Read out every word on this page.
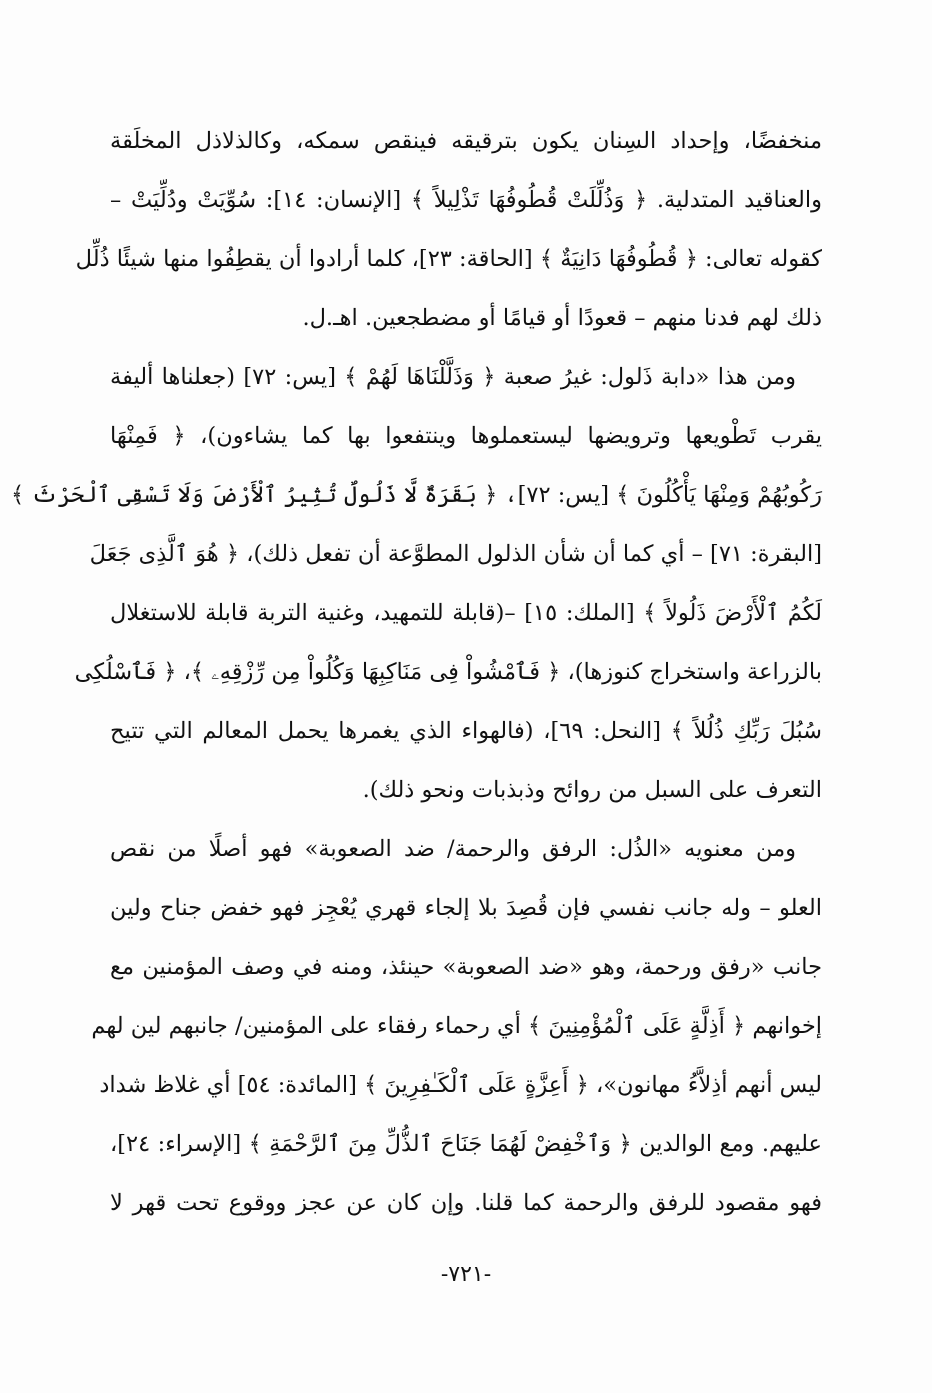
منخفضًا، وإحداد السِنان يكون بترقيقه فينقص سمكه، وكالذلاذل المخلَقة
والعناقيد المتدلية. ﴿ وَذُلِّلَتْ قُطُوفُهَا تَذْلِيلاً ﴾ [الإنسان: ١٤]: سُوِّيَتْ ودُلِّيَتْ –
كقوله تعالى: ﴿ قُطُوفُهَا دَانِيَةٌ ﴾ [الحاقة: ٢٣]، كلما أرادوا أن يقطِفُوا منها شيئًا ذُلِّل
ذلك لهم فدنا منهم – قعودًا أو قيامًا أو مضطجعين. اهـ.ل.
ومن هذا «دابة ذَلول: غيرُ صعبة ﴿ وَذَلَّلْنَاهَا لَهُمْ ﴾ [يس: ٧٢] (جعلناها أليفة
يقرب تَطْويعها وترويضها ليستعملوها وينتفعوا بها كما يشاءون)، ﴿ فَمِنْهَا
رَكُوبُهُمْ وَمِنْهَا يَأْكُلُونَ ﴾ [يس: ٧٢]، ﴿ بَقَرَةٌ لَّا ذَلُولٌ تُثِيرُ ٱلْأَرْضَ وَلَا تَسْقِى ٱلْحَرْثَ ﴾
[البقرة: ٧١] – أي كما أن شأن الذلول المطوَّعة أن تفعل ذلك)، ﴿ هُوَ ٱلَّذِى جَعَلَ
لَكُمُ ٱلْأَرْضَ ذَلُولاً ﴾ [الملك: ١٥] –(قابلة للتمهيد، وغنية التربة قابلة للاستغلال
بالزراعة واستخراج كنوزها)، ﴿ فَٱمْشُواْ فِى مَنَاكِبِهَا وَكُلُواْ مِن رِّزْقِهِۦ ﴾، ﴿ فَٱسْلُكِى
سُبُلَ رَبِّكِ ذُلُلاً ﴾ [النحل: ٦٩]، (فالهواء الذي يغمرها يحمل المعالم التي تتيح
التعرف على السبل من روائح وذبذبات ونحو ذلك).
ومن معنويه «الذُل: الرفق والرحمة/ ضد الصعوبة» فهو أصلًا من نقص
العلو – وله جانب نفسي فإن قُصِدَ بلا إلجاء قهري يُعْجِز فهو خفض جناح ولين
جانب «رفق ورحمة، وهو «ضد الصعوبة» حينئذ، ومنه في وصف المؤمنين مع
إخوانهم ﴿ أَذِلَّةٍ عَلَى ٱلْمُؤْمِنِينَ ﴾ أي رحماء رفقاء على المؤمنين/ جانبهم لين لهم
ليس أنهم أذِلاَّءُ مهانون»، ﴿ أَعِزَّةٍ عَلَى ٱلْكَـٰفِرِينَ ﴾ [المائدة: ٥٤] أي غلاظ شداد
عليهم. ومع الوالدين ﴿ وَٱخْفِضْ لَهُمَا جَنَاحَ ٱلذُّلِّ مِنَ ٱلرَّحْمَةِ ﴾ [الإسراء: ٢٤]،
فهو مقصود للرفق والرحمة كما قلنا. وإن كان عن عجز ووقوع تحت قهر لا
-٧٢١-
